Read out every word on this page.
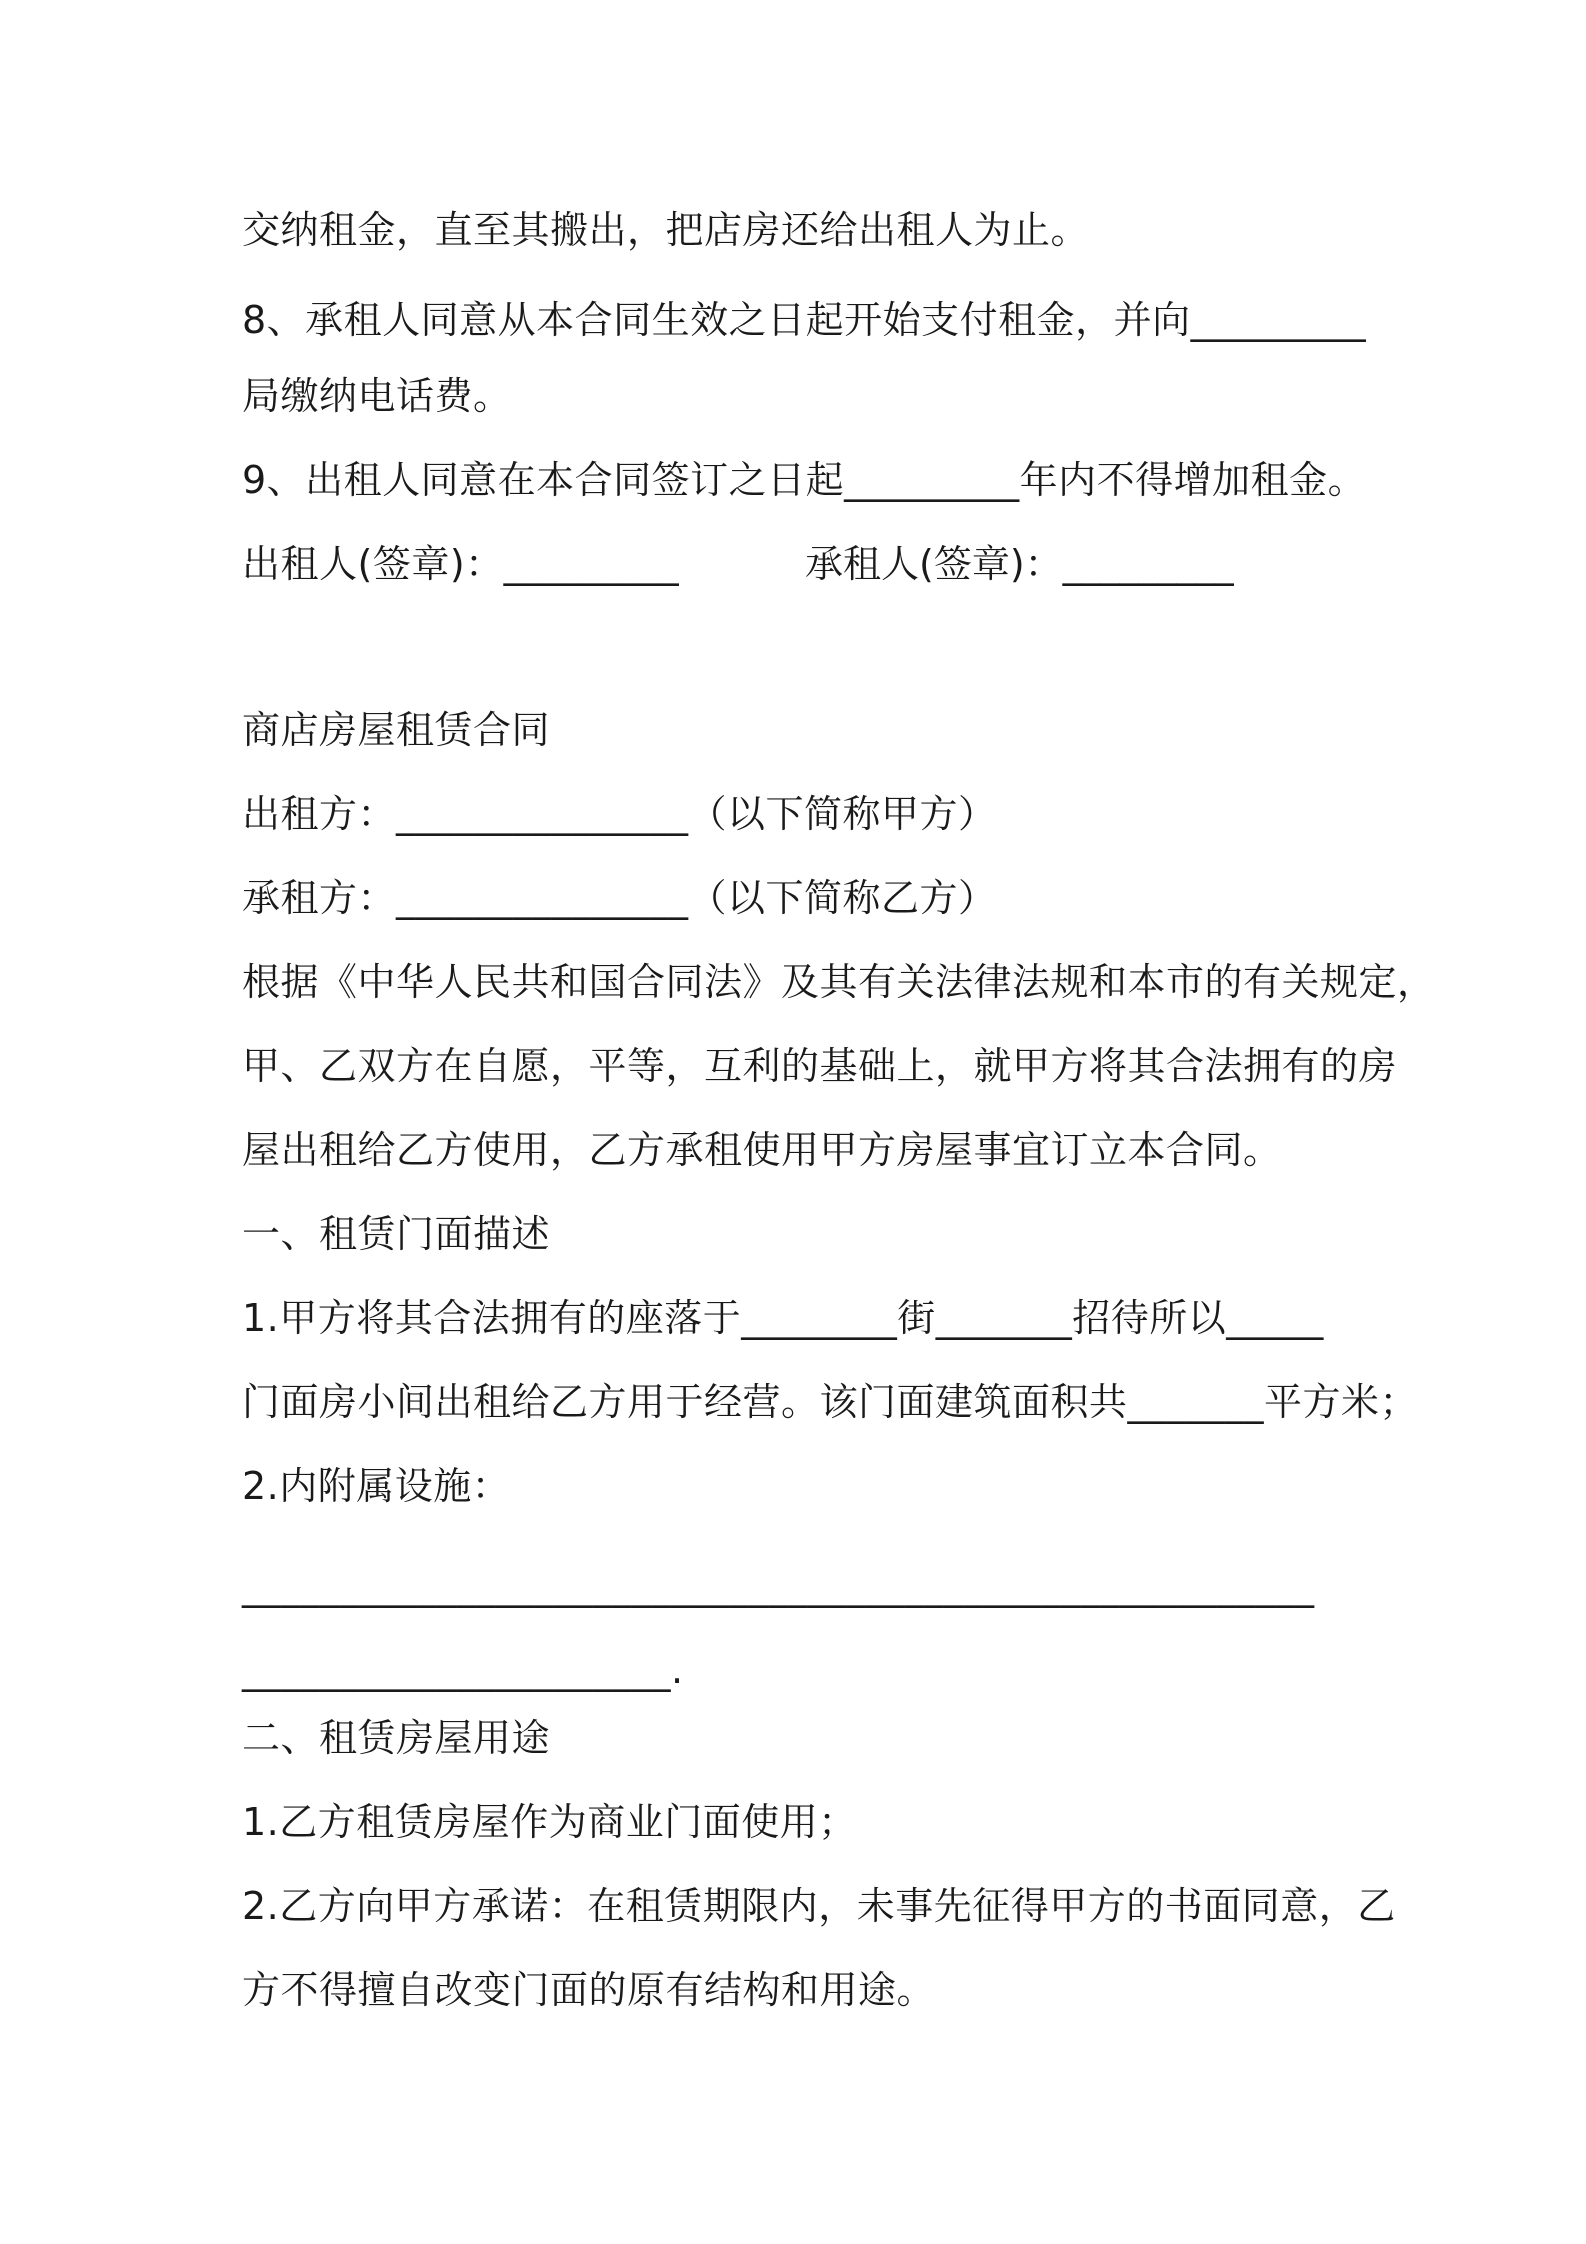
交纳租金，直至其搬出，把店房还给出租人为止。
8、承租人同意从本合同生效之日起开始支付租金，并向_________
局缴纳电话费。
9、出租人同意在本合同签订之日起_________年内不得增加租金。
出租人(签章)：_________	承租人(签章)：_________
商店房屋租赁合同
出租方：_______________（以下简称甲方）
承租方：_______________（以下简称乙方）
根据《中华人民共和国合同法》及其有关法律法规和本市的有关规定，
甲、乙双方在自愿，平等，互利的基础上，就甲方将其合法拥有的房
屋出租给乙方使用，乙方承租使用甲方房屋事宜订立本合同。
一、租赁门面描述
1.甲方将其合法拥有的座落于________街_______招待所以_____
门面房小间出租给乙方用于经营。该门面建筑面积共_______平方米；
2.内附属设施：
_______________________________________________________
______________________.
二、租赁房屋用途
1.乙方租赁房屋作为商业门面使用；
2.乙方向甲方承诺：在租赁期限内，未事先征得甲方的书面同意，乙
方不得擅自改变门面的原有结构和用途。
